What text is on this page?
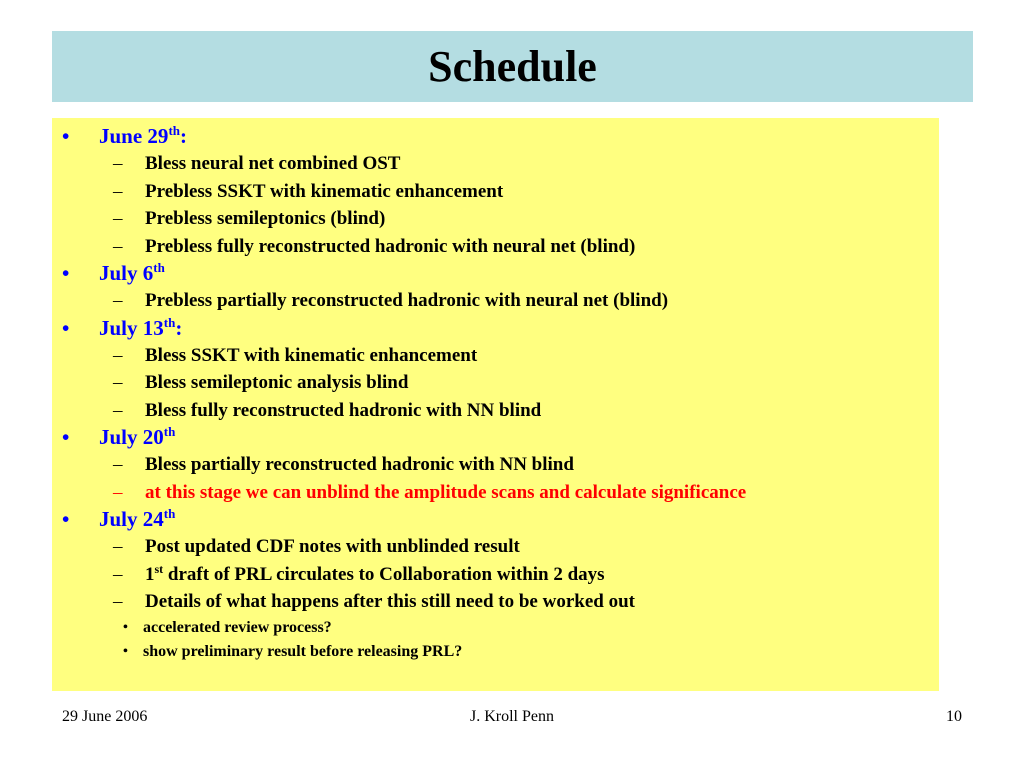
Schedule
• June 29th:
– Bless neural net combined OST
– Prebless SSKT with kinematic enhancement
– Prebless semileptonics (blind)
– Prebless fully reconstructed hadronic with neural net (blind)
• July 6th
– Prebless partially reconstructed hadronic with neural net (blind)
• July 13th:
– Bless SSKT with kinematic enhancement
– Bless semileptonic analysis blind
– Bless fully reconstructed hadronic with NN blind
• July 20th
– Bless partially reconstructed hadronic with NN blind
– at this stage we can unblind the amplitude scans and calculate significance
• July 24th
– Post updated CDF notes with unblinded result
– 1st draft of PRL circulates to Collaboration within 2 days
– Details of what happens after this still need to be worked out
• accelerated review process?
• show preliminary result before releasing PRL?
29 June 2006	J. Kroll Penn	10
